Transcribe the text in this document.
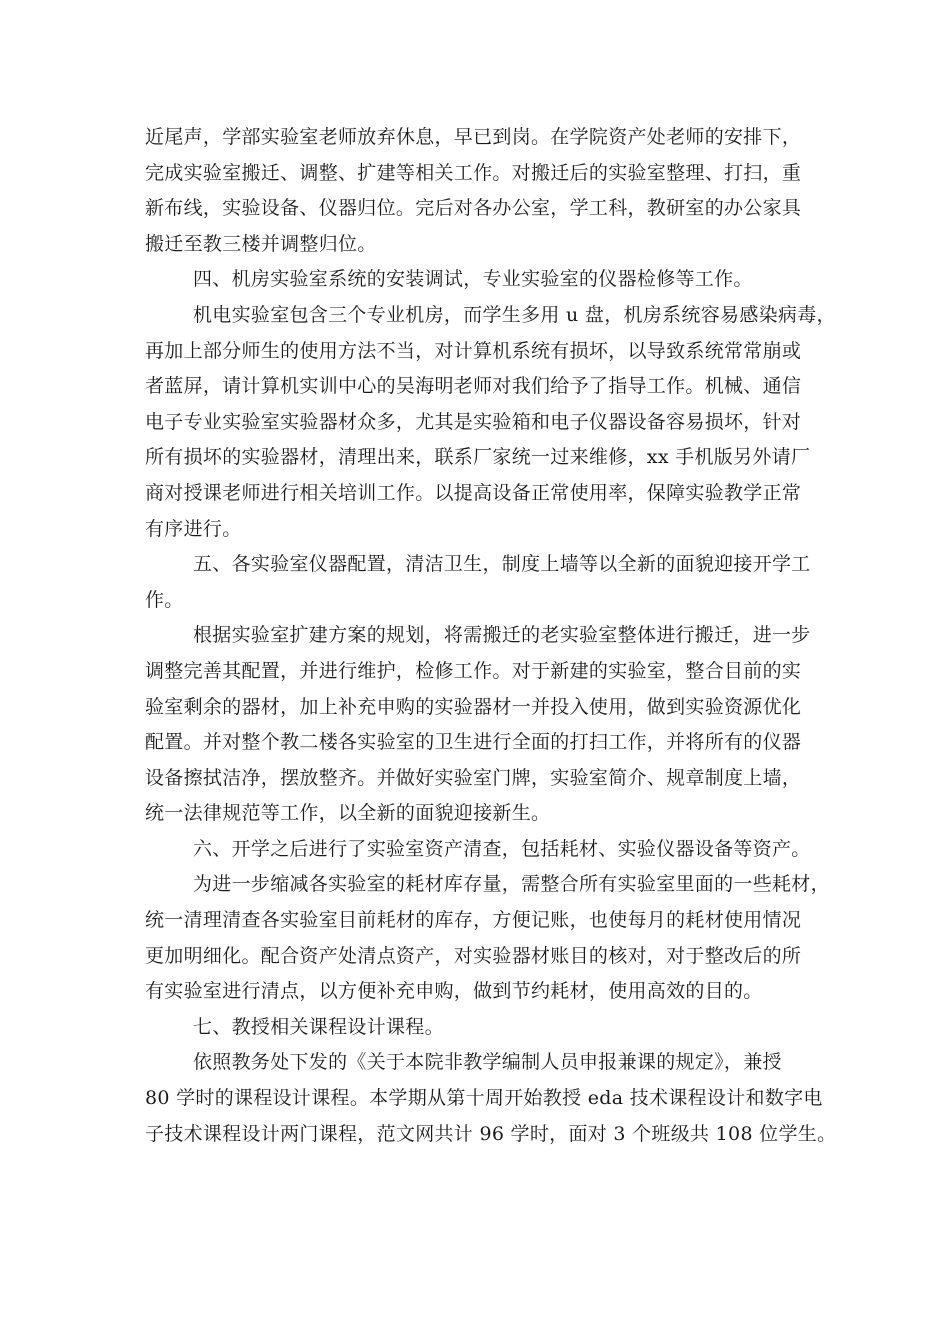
近尾声，学部实验室老师放弃休息，早已到岗。在学院资产处老师的安排下，
完成实验室搬迁、调整、扩建等相关工作。对搬迁后的实验室整理、打扫，重
新布线，实验设备、仪器归位。完后对各办公室，学工科，教研室的办公家具
搬迁至教三楼并调整归位。
四、机房实验室系统的安装调试，专业实验室的仪器检修等工作。
机电实验室包含三个专业机房，而学生多用 u 盘，机房系统容易感染病毒，
再加上部分师生的使用方法不当，对计算机系统有损坏，以导致系统常常崩或
者蓝屏，请计算机实训中心的吴海明老师对我们给予了指导工作。机械、通信
电子专业实验室实验器材众多，尤其是实验箱和电子仪器设备容易损坏，针对
所有损坏的实验器材，清理出来，联系厂家统一过来维修，xx 手机版另外请厂
商对授课老师进行相关培训工作。以提高设备正常使用率，保障实验教学正常
有序进行。
五、各实验室仪器配置，清洁卫生，制度上墙等以全新的面貌迎接开学工
作。
根据实验室扩建方案的规划，将需搬迁的老实验室整体进行搬迁，进一步
调整完善其配置，并进行维护，检修工作。对于新建的实验室，整合目前的实
验室剩余的器材，加上补充申购的实验器材一并投入使用，做到实验资源优化
配置。并对整个教二楼各实验室的卫生进行全面的打扫工作，并将所有的仪器
设备擦拭洁净，摆放整齐。并做好实验室门牌，实验室简介、规章制度上墙，
统一法律规范等工作，以全新的面貌迎接新生。
六、开学之后进行了实验室资产清查，包括耗材、实验仪器设备等资产。
为进一步缩减各实验室的耗材库存量，需整合所有实验室里面的一些耗材，
统一清理清查各实验室目前耗材的库存，方便记账，也使每月的耗材使用情况
更加明细化。配合资产处清点资产，对实验器材账目的核对，对于整改后的所
有实验室进行清点，以方便补充申购，做到节约耗材，使用高效的目的。
七、教授相关课程设计课程。
依照教务处下发的《关于本院非教学编制人员申报兼课的规定》，兼授
80 学时的课程设计课程。本学期从第十周开始教授 eda 技术课程设计和数字电
子技术课程设计两门课程，范文网共计 96 学时，面对 3 个班级共 108 位学生。
